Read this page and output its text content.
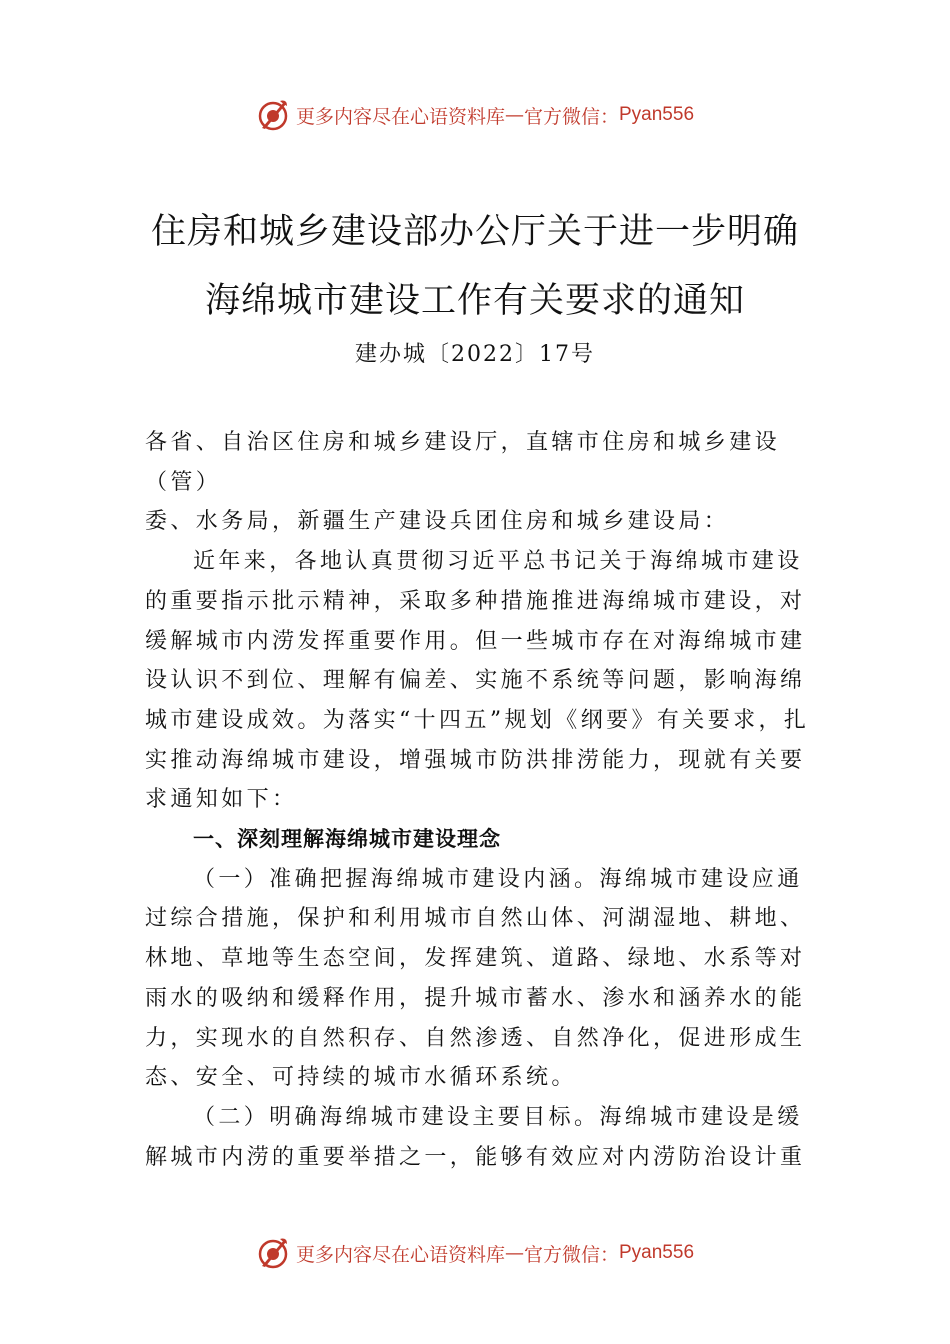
更多内容尽在心语资料库 — 官方微信： Pyan556
住房和城乡建设部办公厅关于进一步明确
海绵城市建设工作有关要求的通知
建办城〔2022〕17号

各省、自治区住房和城乡建设厅，直辖市住房和城乡建设（管）

委、水务局，新疆生产建设兵团住房和城乡建设局：

近年来，各地认真贯彻习近平总书记关于海绵城市建设的重要指示批示精神，采取多种措施推进海绵城市建设，对缓解城市内涝发挥重要作用。但一些城市存在对海绵城市建设认识不到位、理解有偏差、实施不系统等问题，影响海绵城市建设成效。为落实“十四五”规划《纲要》有关要求，扎实推动海绵城市建设，增强城市防洪排涝能力，现就有关要求通知如下：

一、深刻理解海绵城市建设理念

（一）准确把握海绵城市建设内涵。海绵城市建设应通过综合措施，保护和利用城市自然山体、河湖湿地、耕地、林地、草地等生态空间，发挥建筑、道路、绿地、水系等对雨水的吸纳和缓释作用，提升城市蓄水、渗水和涵养水的能力，实现水的自然积存、自然渗透、自然净化，促进形成生态、安全、可持续的城市水循环系统。

（二）明确海绵城市建设主要目标。海绵城市建设是缓解城市内涝的重要举措之一，能够有效应对内涝防治设计重

更多内容尽在心语资料库 — 官方微信： Pyan556
